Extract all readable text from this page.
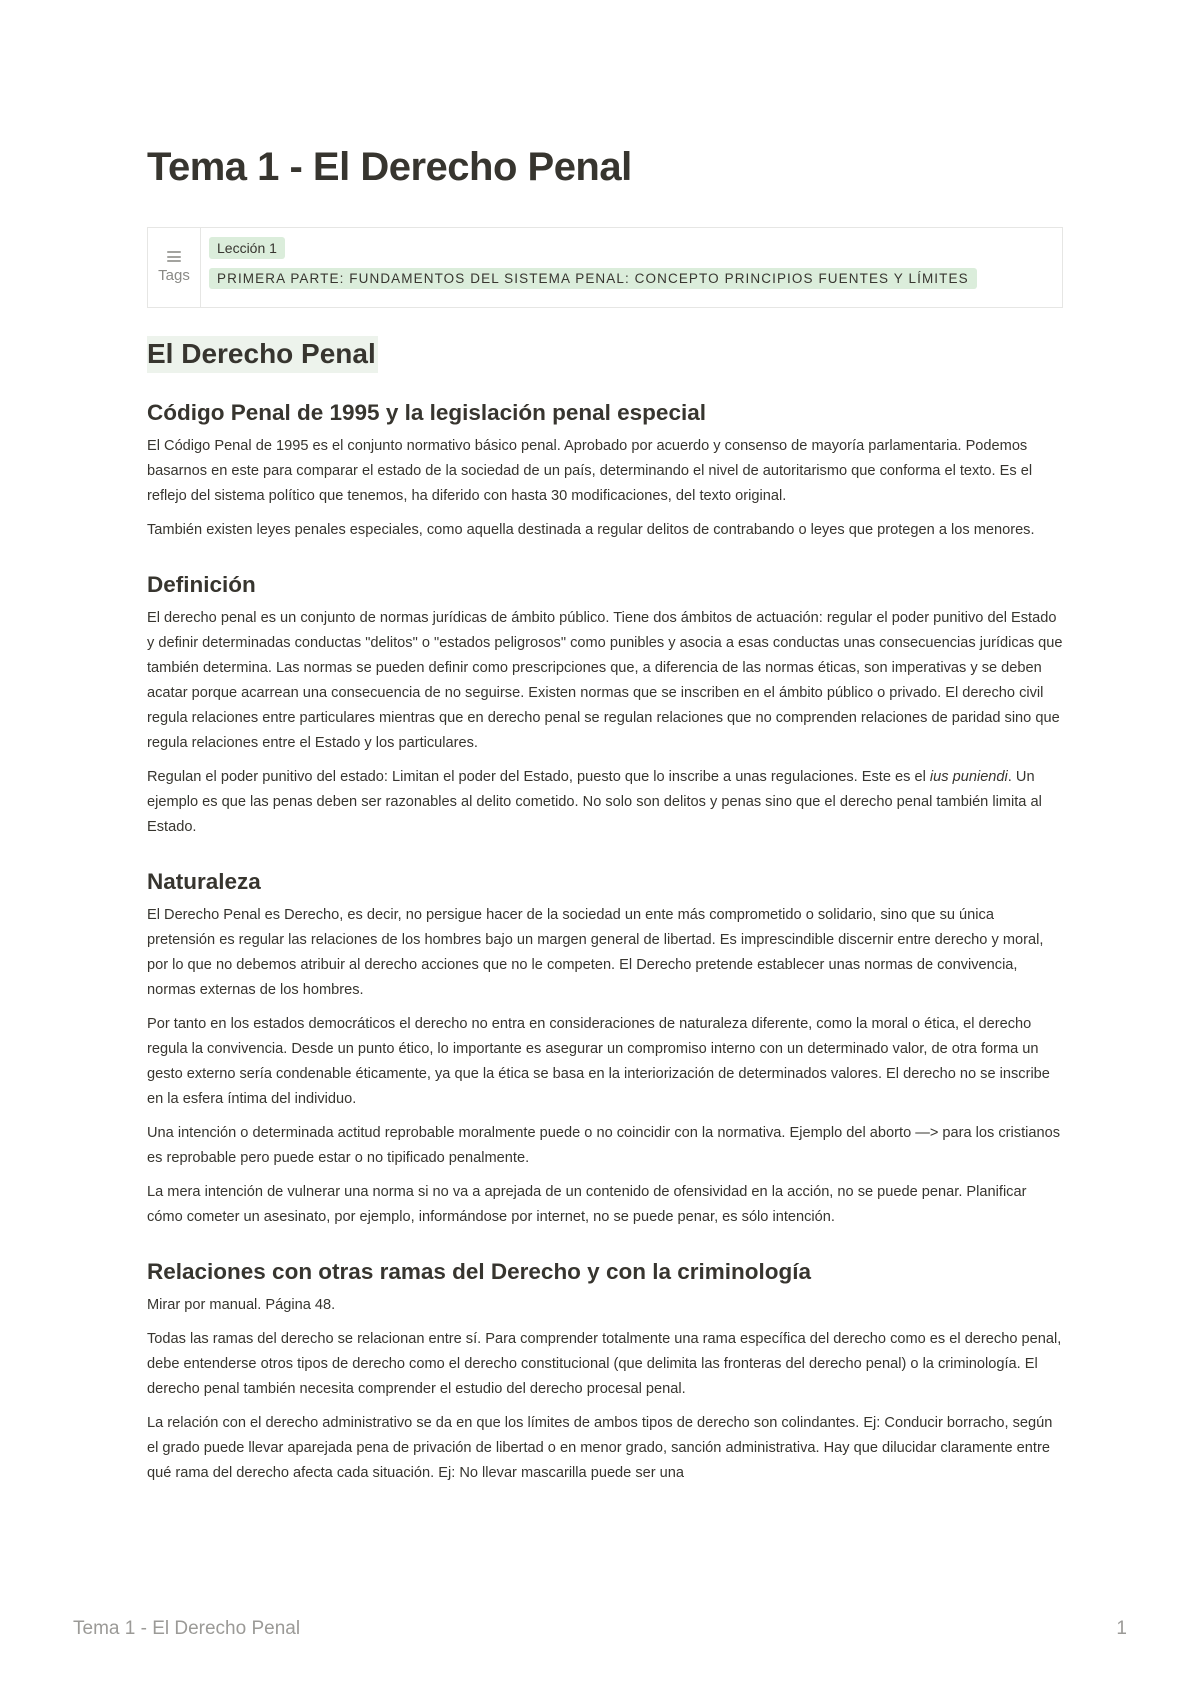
Tema 1 - El Derecho Penal
Tags
Lección 1
PRIMERA PARTE: FUNDAMENTOS DEL SISTEMA PENAL: CONCEPTO PRINCIPIOS FUENTES Y LÍMITES
El Derecho Penal
Código Penal de 1995 y la legislación penal especial

El Código Penal de 1995 es el conjunto normativo básico penal. Aprobado por acuerdo y consenso de mayoría parlamentaria. Podemos basarnos en este para comparar el estado de la sociedad de un país, determinando el nivel de autoritarismo que conforma el texto. Es el reflejo del sistema político que tenemos, ha diferido con hasta 30 modificaciones, del texto original.

También existen leyes penales especiales, como aquella destinada a regular delitos de contrabando o leyes que protegen a los menores.

Definición

El derecho penal es un conjunto de normas jurídicas de ámbito público. Tiene dos ámbitos de actuación: regular el poder punitivo del Estado y definir determinadas conductas "delitos" o "estados peligrosos" como punibles y asocia a esas conductas unas consecuencias jurídicas que también determina. Las normas se pueden definir como prescripciones que, a diferencia de las normas éticas, son imperativas y se deben acatar porque acarrean una consecuencia de no seguirse. Existen normas que se inscriben en el ámbito público o privado. El derecho civil regula relaciones entre particulares mientras que en derecho penal se regulan relaciones que no comprenden relaciones de paridad sino que regula relaciones entre el Estado y los particulares.

Regulan el poder punitivo del estado: Limitan el poder del Estado, puesto que lo inscribe a unas regulaciones. Este es el ius puniendi. Un ejemplo es que las penas deben ser razonables al delito cometido. No solo son delitos y penas sino que el derecho penal también limita al Estado.

Naturaleza

El Derecho Penal es Derecho, es decir, no persigue hacer de la sociedad un ente más comprometido o solidario, sino que su única pretensión es regular las relaciones de los hombres bajo un margen general de libertad. Es imprescindible discernir entre derecho y moral, por lo que no debemos atribuir al derecho acciones que no le competen. El Derecho pretende establecer unas normas de convivencia, normas externas de los hombres.

Por tanto en los estados democráticos el derecho no entra en consideraciones de naturaleza diferente, como la moral o ética, el derecho regula la convivencia. Desde un punto ético, lo importante es asegurar un compromiso interno con un determinado valor, de otra forma un gesto externo sería condenable éticamente, ya que la ética se basa en la interiorización de determinados valores. El derecho no se inscribe en la esfera íntima del individuo.

Una intención o determinada actitud reprobable moralmente puede o no coincidir con la normativa. Ejemplo del aborto —> para los cristianos es reprobable pero puede estar o no tipificado penalmente.

La mera intención de vulnerar una norma si no va a aprejada de un contenido de ofensividad en la acción, no se puede penar. Planificar cómo cometer un asesinato, por ejemplo, informándose por internet, no se puede penar, es sólo intención.

Relaciones con otras ramas del Derecho y con la criminología

Mirar por manual. Página 48.

Todas las ramas del derecho se relacionan entre sí. Para comprender totalmente una rama específica del derecho como es el derecho penal, debe entenderse otros tipos de derecho como el derecho constitucional (que delimita las fronteras del derecho penal) o la criminología. El derecho penal también necesita comprender el estudio del derecho procesal penal.

La relación con el derecho administrativo se da en que los límites de ambos tipos de derecho son colindantes. Ej: Conducir borracho, según el grado puede llevar aparejada pena de privación de libertad o en menor grado, sanción administrativa. Hay que dilucidar claramente entre qué rama del derecho afecta cada situación. Ej: No llevar mascarilla puede ser una

Tema 1 - El Derecho Penal	1
